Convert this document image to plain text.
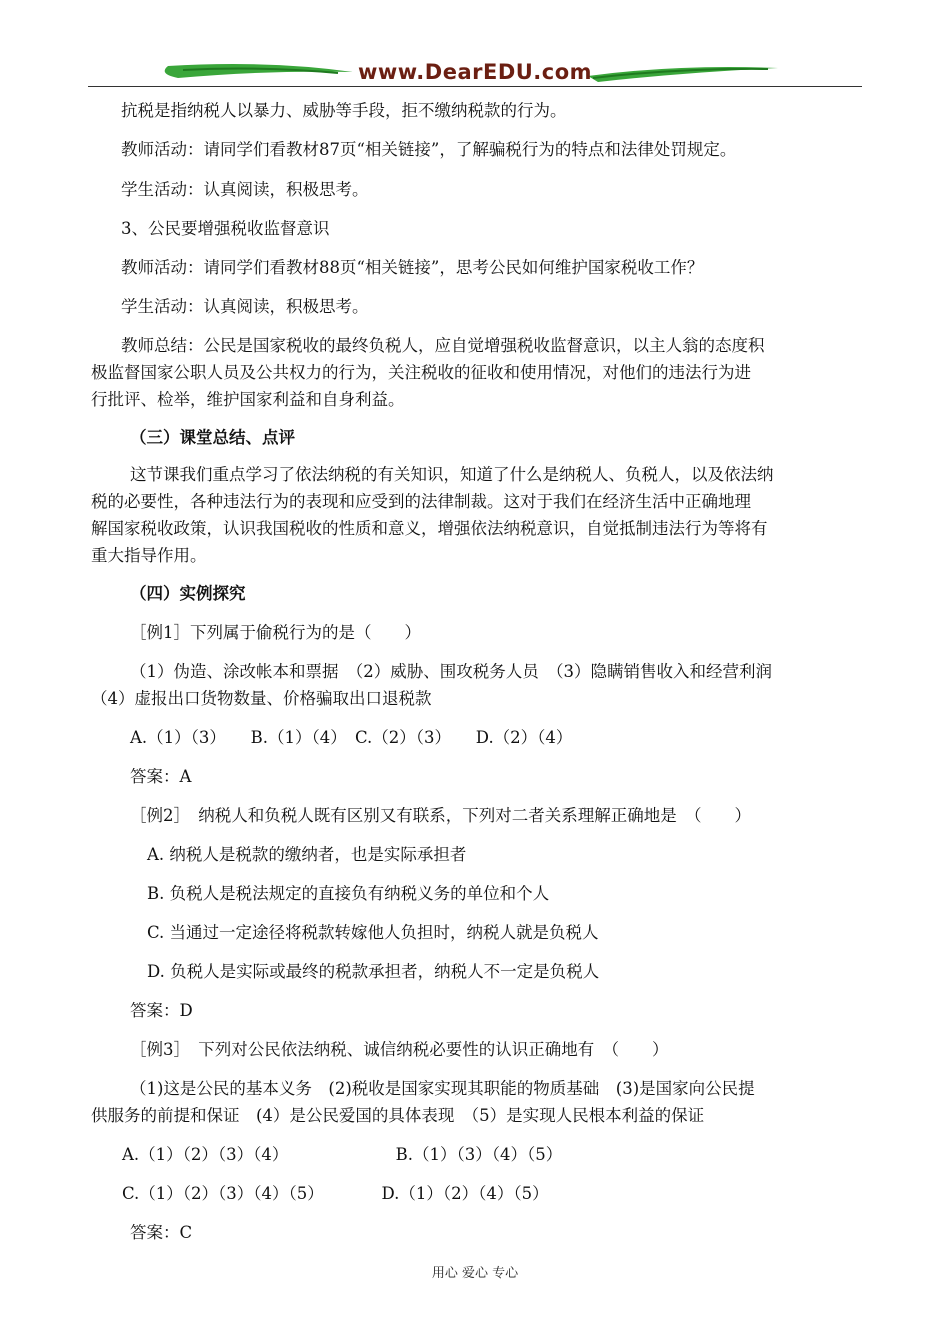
www.DearEDU.com
抗税是指纳税人以暴力、威胁等手段，拒不缴纳税款的行为。
教师活动：请同学们看教材87页“相关链接”，了解骗税行为的特点和法律处罚规定。
学生活动：认真阅读，积极思考。
3、公民要增强税收监督意识
教师活动：请同学们看教材88页“相关链接”，思考公民如何维护国家税收工作？
学生活动：认真阅读，积极思考。
教师总结：公民是国家税收的最终负税人，应自觉增强税收监督意识，以主人翁的态度积
极监督国家公职人员及公共权力的行为，关注税收的征收和使用情况，对他们的违法行为进
行批评、检举，维护国家利益和自身利益。
（三）课堂总结、点评
这节课我们重点学习了依法纳税的有关知识，知道了什么是纳税人、负税人，以及依法纳
税的必要性，各种违法行为的表现和应受到的法律制裁。这对于我们在经济生活中正确地理
解国家税收政策，认识我国税收的性质和意义，增强依法纳税意识，自觉抵制违法行为等将有
重大指导作用。
（四）实例探究
［例1］下列属于偷税行为的是（　　）
（1）伪造、涂改帐本和票据　（2）威胁、围攻税务人员　（3）隐瞒销售收入和经营利润
（4）虚报出口货物数量、价格骗取出口退税款
A.（1）（3）　　B.（1）（4）　C.（2）（3）　　D.（2）（4）
答案：A
［例2］　纳税人和负税人既有区别又有联系，下列对二者关系理解正确地是　（　　）
A. 纳税人是税款的缴纳者，也是实际承担者
B. 负税人是税法规定的直接负有纳税义务的单位和个人
C. 当通过一定途径将税款转嫁他人负担时，纳税人就是负税人
D. 负税人是实际或最终的税款承担者，纳税人不一定是负税人
答案：D
［例3］　下列对公民依法纳税、诚信纳税必要性的认识正确地有　（　　）
（1)这是公民的基本义务　(2)税收是国家实现其职能的物质基础　(3)是国家向公民提
供服务的前提和保证　(4）是公民爱国的具体表现　（5）是实现人民根本利益的保证
A.（1）（2）（3）（4）　　　　　　　B.（1）（3）（4）（5）
C.（1）（2）（3）（4）（5）　　　　D.（1）（2）（4）（5）
答案：C
用心 爱心 专心
